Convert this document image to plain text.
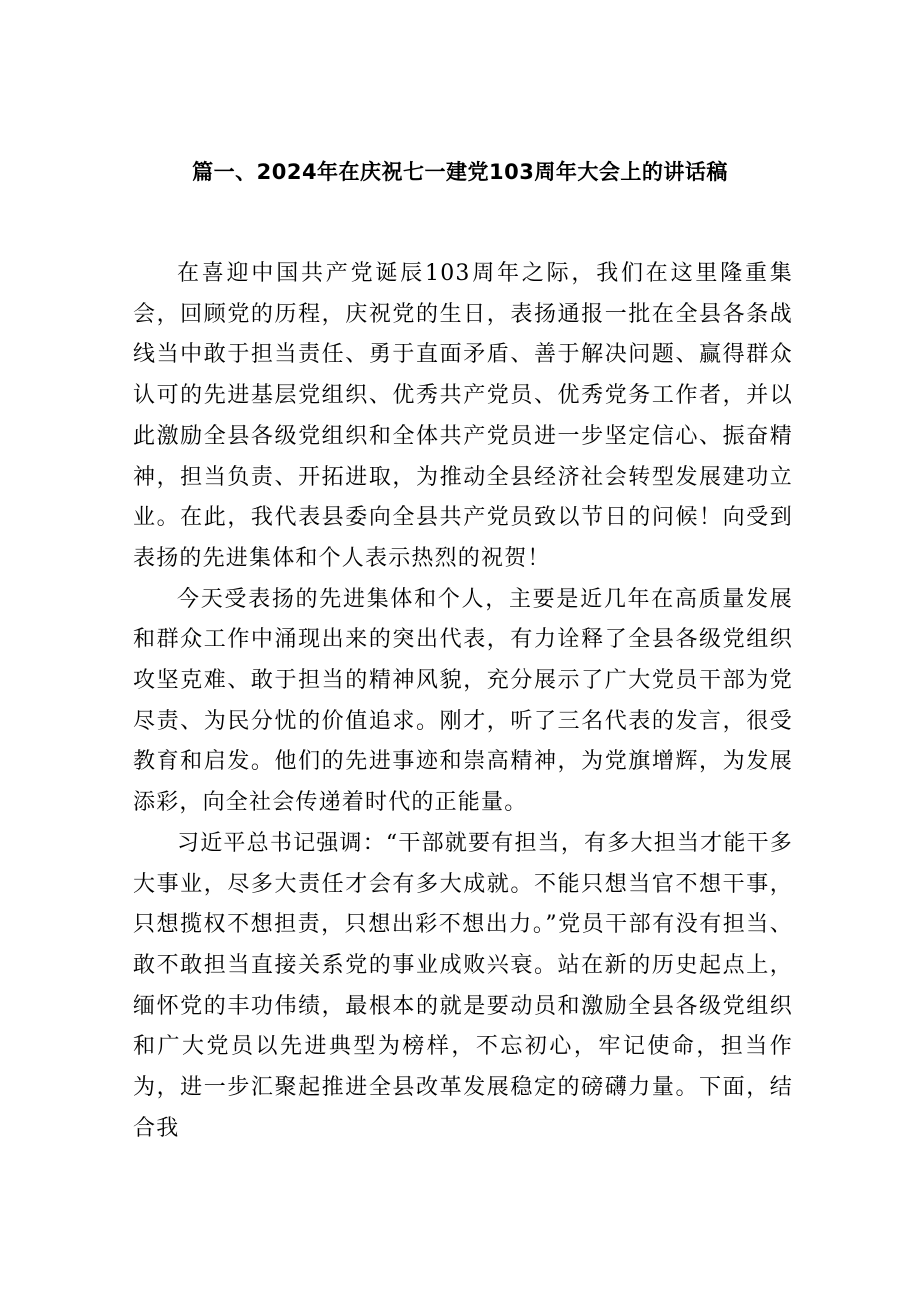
篇一、2024年在庆祝七一建党103周年大会上的讲话稿

在喜迎中国共产党诞辰103周年之际，我们在这里隆重集会，回顾党的历程，庆祝党的生日，表扬通报一批在全县各条战线当中敢于担当责任、勇于直面矛盾、善于解决问题、赢得群众认可的先进基层党组织、优秀共产党员、优秀党务工作者，并以此激励全县各级党组织和全体共产党员进一步坚定信心、振奋精神，担当负责、开拓进取，为推动全县经济社会转型发展建功立业。在此，我代表县委向全县共产党员致以节日的问候！向受到表扬的先进集体和个人表示热烈的祝贺！

今天受表扬的先进集体和个人，主要是近几年在高质量发展和群众工作中涌现出来的突出代表，有力诠释了全县各级党组织攻坚克难、敢于担当的精神风貌，充分展示了广大党员干部为党尽责、为民分忧的价值追求。刚才，听了三名代表的发言，很受教育和启发。他们的先进事迹和崇高精神，为党旗增辉，为发展添彩，向全社会传递着时代的正能量。

习近平总书记强调：“干部就要有担当，有多大担当才能干多大事业，尽多大责任才会有多大成就。不能只想当官不想干事，只想揽权不想担责，只想出彩不想出力。”党员干部有没有担当、敢不敢担当直接关系党的事业成败兴衰。站在新的历史起点上，缅怀党的丰功伟绩，最根本的就是要动员和激励全县各级党组织和广大党员以先进典型为榜样，不忘初心，牢记使命，担当作为，进一步汇聚起推进全县改革发展稳定的磅礴力量。下面，结合我
